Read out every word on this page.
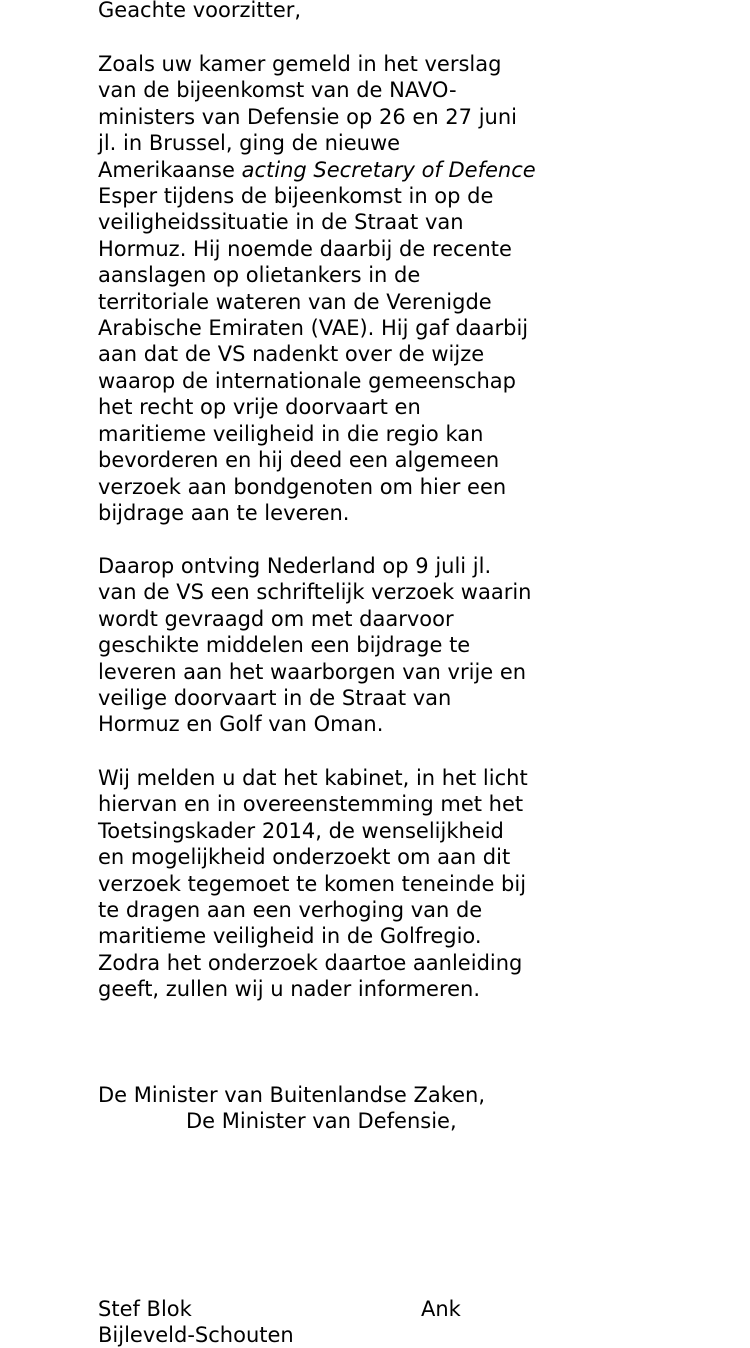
Geachte voorzitter,
Zoals uw kamer gemeld in het verslag
van de bijeenkomst van de NAVO-
ministers van Defensie op 26 en 27 juni
jl. in Brussel, ging de nieuwe
Amerikaanse acting Secretary of Defence
Esper tijdens de bijeenkomst in op de
veiligheidssituatie in de Straat van
Hormuz. Hij noemde daarbij de recente
aanslagen op olietankers in de
territoriale wateren van de Verenigde
Arabische Emiraten (VAE). Hij gaf daarbij
aan dat de VS nadenkt over de wijze
waarop de internationale gemeenschap
het recht op vrije doorvaart en
maritieme veiligheid in die regio kan
bevorderen en hij deed een algemeen
verzoek aan bondgenoten om hier een
bijdrage aan te leveren.
Daarop ontving Nederland op 9 juli jl.
van de VS een schriftelijk verzoek waarin
wordt gevraagd om met daarvoor
geschikte middelen een bijdrage te
leveren aan het waarborgen van vrije en
veilige doorvaart in de Straat van
Hormuz en Golf van Oman.
Wij melden u dat het kabinet, in het licht
hiervan en in overeenstemming met het
Toetsingskader 2014, de wenselijkheid
en mogelijkheid onderzoekt om aan dit
verzoek tegemoet te komen teneinde bij
te dragen aan een verhoging van de
maritieme veiligheid in de Golfregio.
Zodra het onderzoek daartoe aanleiding
geeft, zullen wij u nader informeren.
De Minister van Buitenlandse Zaken,
De Minister van Defensie,
Stef Blok	Ank
Bijleveld-Schouten
